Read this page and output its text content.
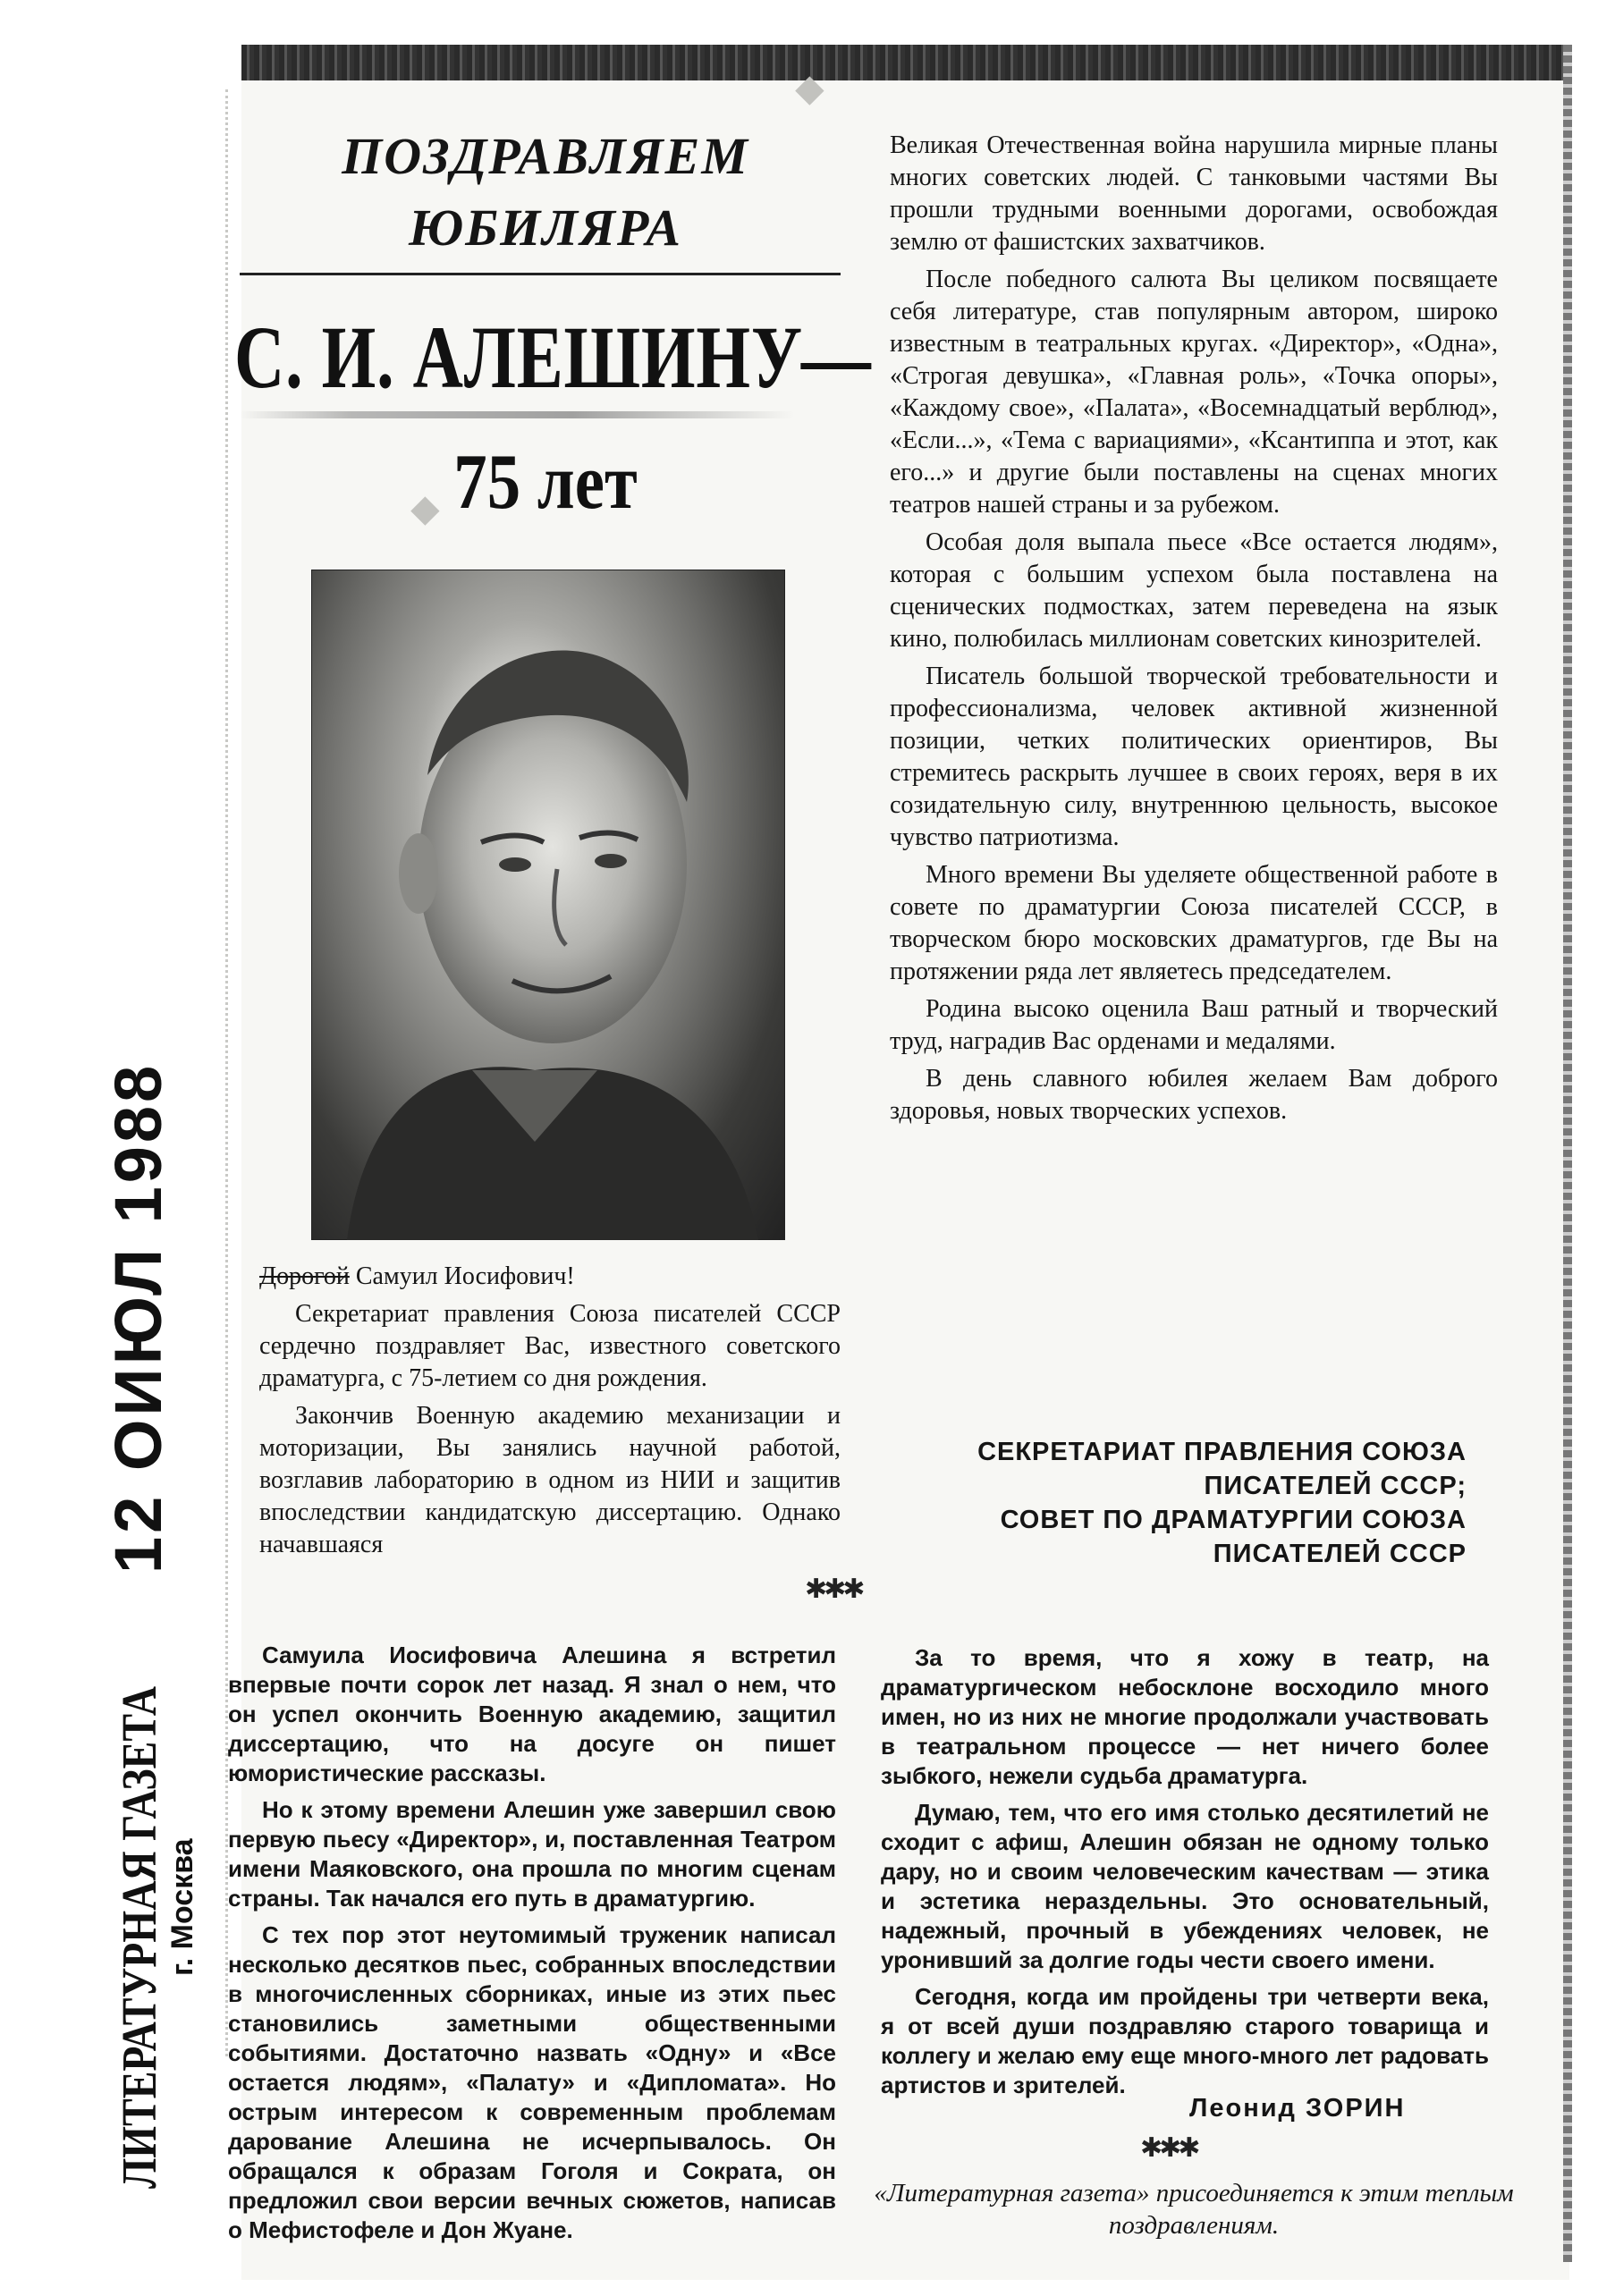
◆
◆
ПОЗДРАВЛЯЕМ
ЮБИЛЯРА
С. И. АЛЕШИНУ—
75 лет

Дорогой Самуил Иосифович!

Секретариат правления Союза писателей СССР сердечно поздравляет Вас, известного советского драматурга, с 75-летием со дня рождения.

Закончив Военную академию механизации и моторизации, Вы занялись научной работой, возглавив лабораторию в одном из НИИ и защитив впоследствии кандидатскую диссертацию. Однако начавшаяся

Великая Отечественная война нарушила мирные планы многих советских людей. С танковыми частями Вы прошли трудными военными дорогами, освобождая землю от фашистских захватчиков.

После победного салюта Вы целиком посвящаете себя литературе, став популярным автором, широко известным в театральных кругах. «Директор», «Одна», «Строгая девушка», «Главная роль», «Точка опоры», «Каждому свое», «Палата», «Восемнадцатый верблюд», «Если...», «Тема с вариациями», «Ксантиппа и этот, как его...» и другие были поставлены на сценах многих театров нашей страны и за рубежом.

Особая доля выпала пьесе «Все остается людям», которая с большим успехом была поставлена на сценических подмостках, затем переведена на язык кино, полюбилась миллионам советских кинозрителей.

Писатель большой творческой требовательности и профессионализма, человек активной жизненной позиции, четких политических ориентиров, Вы стремитесь раскрыть лучшее в своих героях, веря в их созидательную силу, внутреннюю цельность, высокое чувство патриотизма.

Много времени Вы уделяете общественной работе в совете по драматургии Союза писателей СССР, в творческом бюро московских драматургов, где Вы на протяжении ряда лет являетесь председателем.

Родина высоко оценила Ваш ратный и творческий труд, наградив Вас орденами и медалями.

В день славного юбилея желаем Вам доброго здоровья, новых творческих успехов.

СЕКРЕТАРИАТ ПРАВЛЕНИЯ СОЮЗА
ПИСАТЕЛЕЙ СССР;
СОВЕТ ПО ДРАМАТУРГИИ СОЮЗА
ПИСАТЕЛЕЙ СССР
✱✱✱

Самуила Иосифовича Алешина я встретил впервые почти сорок лет назад. Я знал о нем, что он успел окончить Военную академию, защитил диссертацию, что на досуге он пишет юмористические рассказы.

Но к этому времени Алешин уже завершил свою первую пьесу «Директор», и, поставленная Театром имени Маяковского, она прошла по многим сценам страны. Так начался его путь в драматургию.

С тех пор этот неутомимый труженик написал несколько десятков пьес, собранных впоследствии в многочисленных сборниках, иные из этих пьес становились заметными общественными событиями. Достаточно назвать «Одну» и «Все остается людям», «Палату» и «Дипломата». Но острым интересом к современным проблемам дарование Алешина не исчерпывалось. Он обращался к образам Гоголя и Сократа, он предложил свои версии вечных сюжетов, написав о Мефистофеле и Дон Жуане.

За то время, что я хожу в театр, на драматургическом небосклоне восходило много имен, но из них не многие продолжали участвовать в театральном процессе — нет ничего более зыбкого, нежели судьба драматурга.

Думаю, тем, что его имя столько десятилетий не сходит с афиш, Алешин обязан не одному только дару, но и своим человеческим качествам — этика и эстетика нераздельны. Это основательный, надежный, прочный в убеждениях человек, не уронивший за долгие годы чести своего имени.

Сегодня, когда им пройдены три четверти века, я от всей души поздравляю старого товарища и коллегу и желаю ему еще много-много лет радовать артистов и зрителей.

Леонид ЗОРИН
✱✱✱
«Литературная газета» присоединяется к этим теплым поздравлениям.
12 ОИЮЛ 1988
ЛИТЕРАТУРНАЯ ГАЗЕТА г. Москва
